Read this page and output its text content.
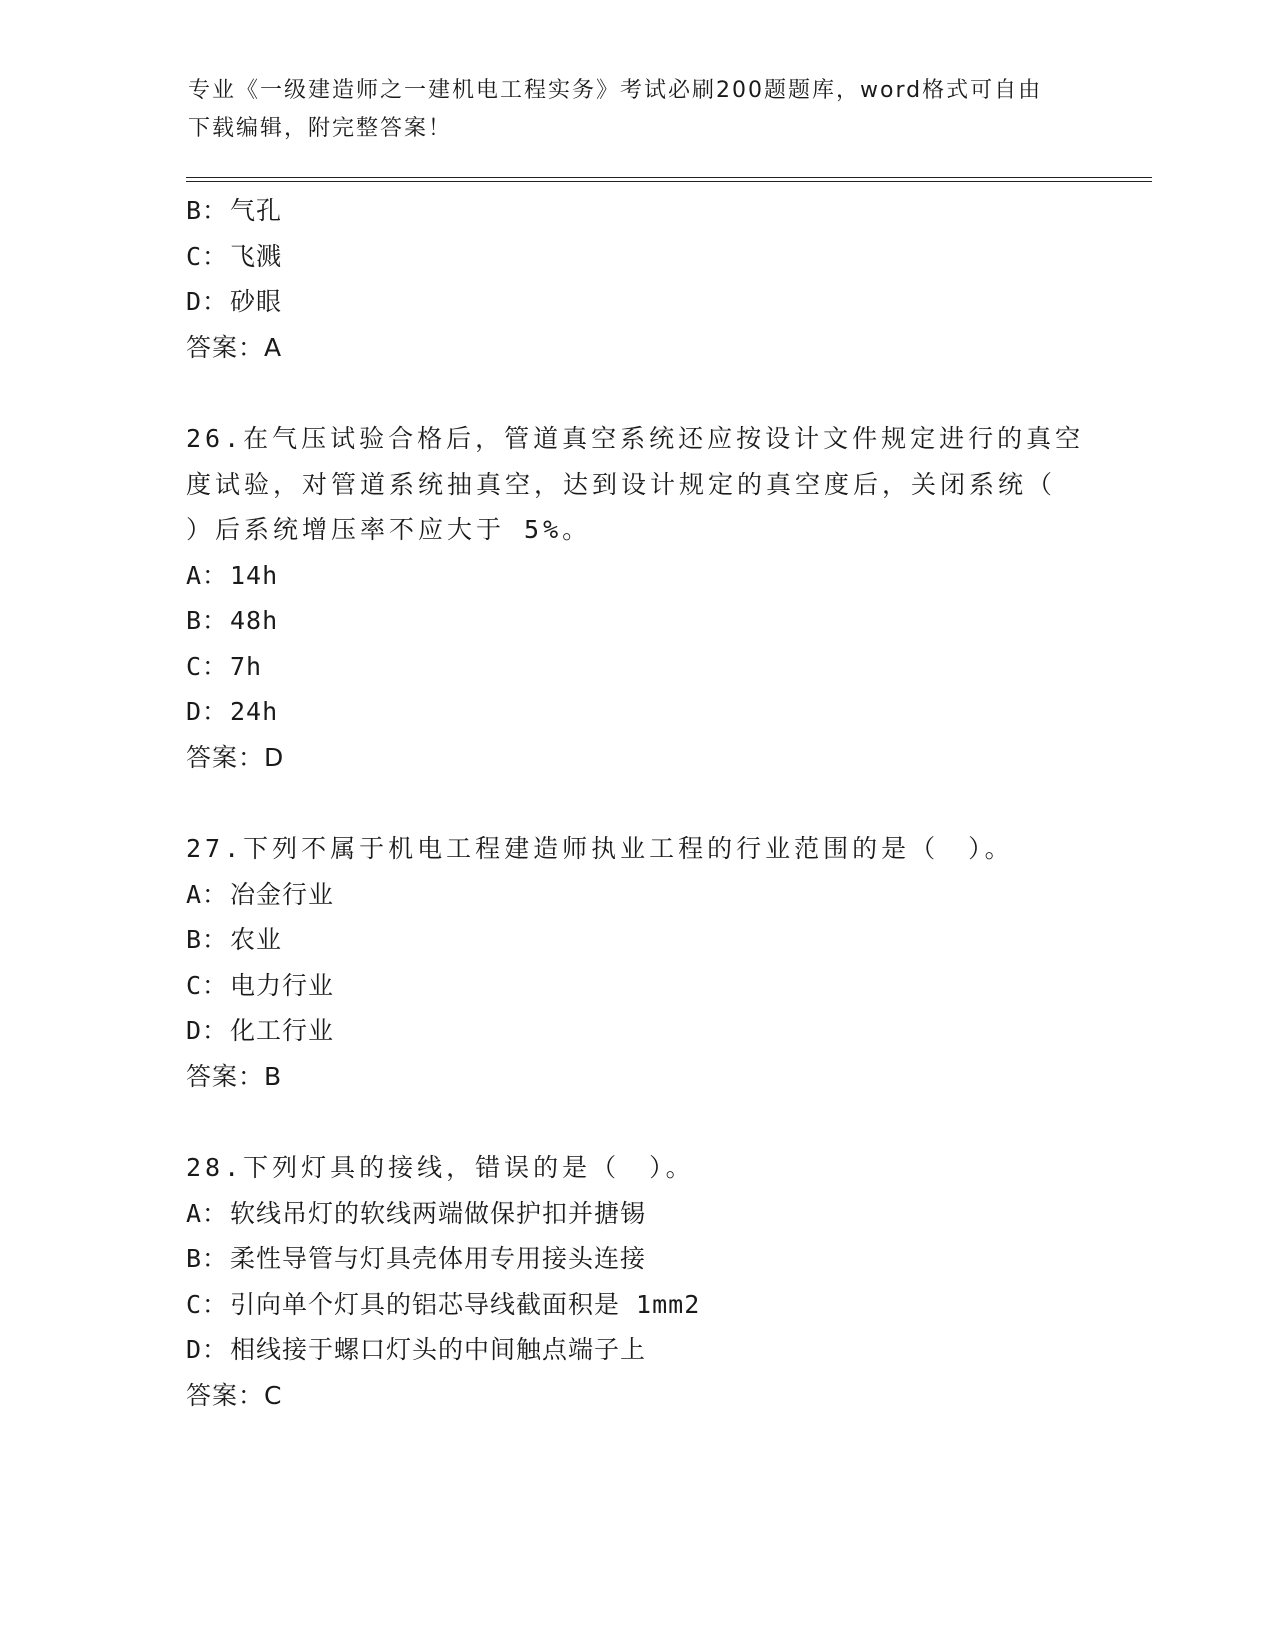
专业《一级建造师之一建机电工程实务》考试必刷200题题库，word格式可自由
下载编辑，附完整答案！
B： 气孔
C： 飞溅
D： 砂眼
答案：A
26.在气压试验合格后，管道真空系统还应按设计文件规定进行的真空
度试验，对管道系统抽真空，达到设计规定的真空度后，关闭系统（
）后系统增压率不应大于 5%。
A： 14h
B： 48h
C： 7h
D： 24h
答案：D
27.下列不属于机电工程建造师执业工程的行业范围的是（　）。
A： 冶金行业
B： 农业
C： 电力行业
D： 化工行业
答案：B
28.下列灯具的接线，错误的是（　）。
A： 软线吊灯的软线两端做保护扣并搪锡
B： 柔性导管与灯具壳体用专用接头连接
C： 引向单个灯具的铝芯导线截面积是 1mm2
D： 相线接于螺口灯头的中间触点端子上
答案：C
